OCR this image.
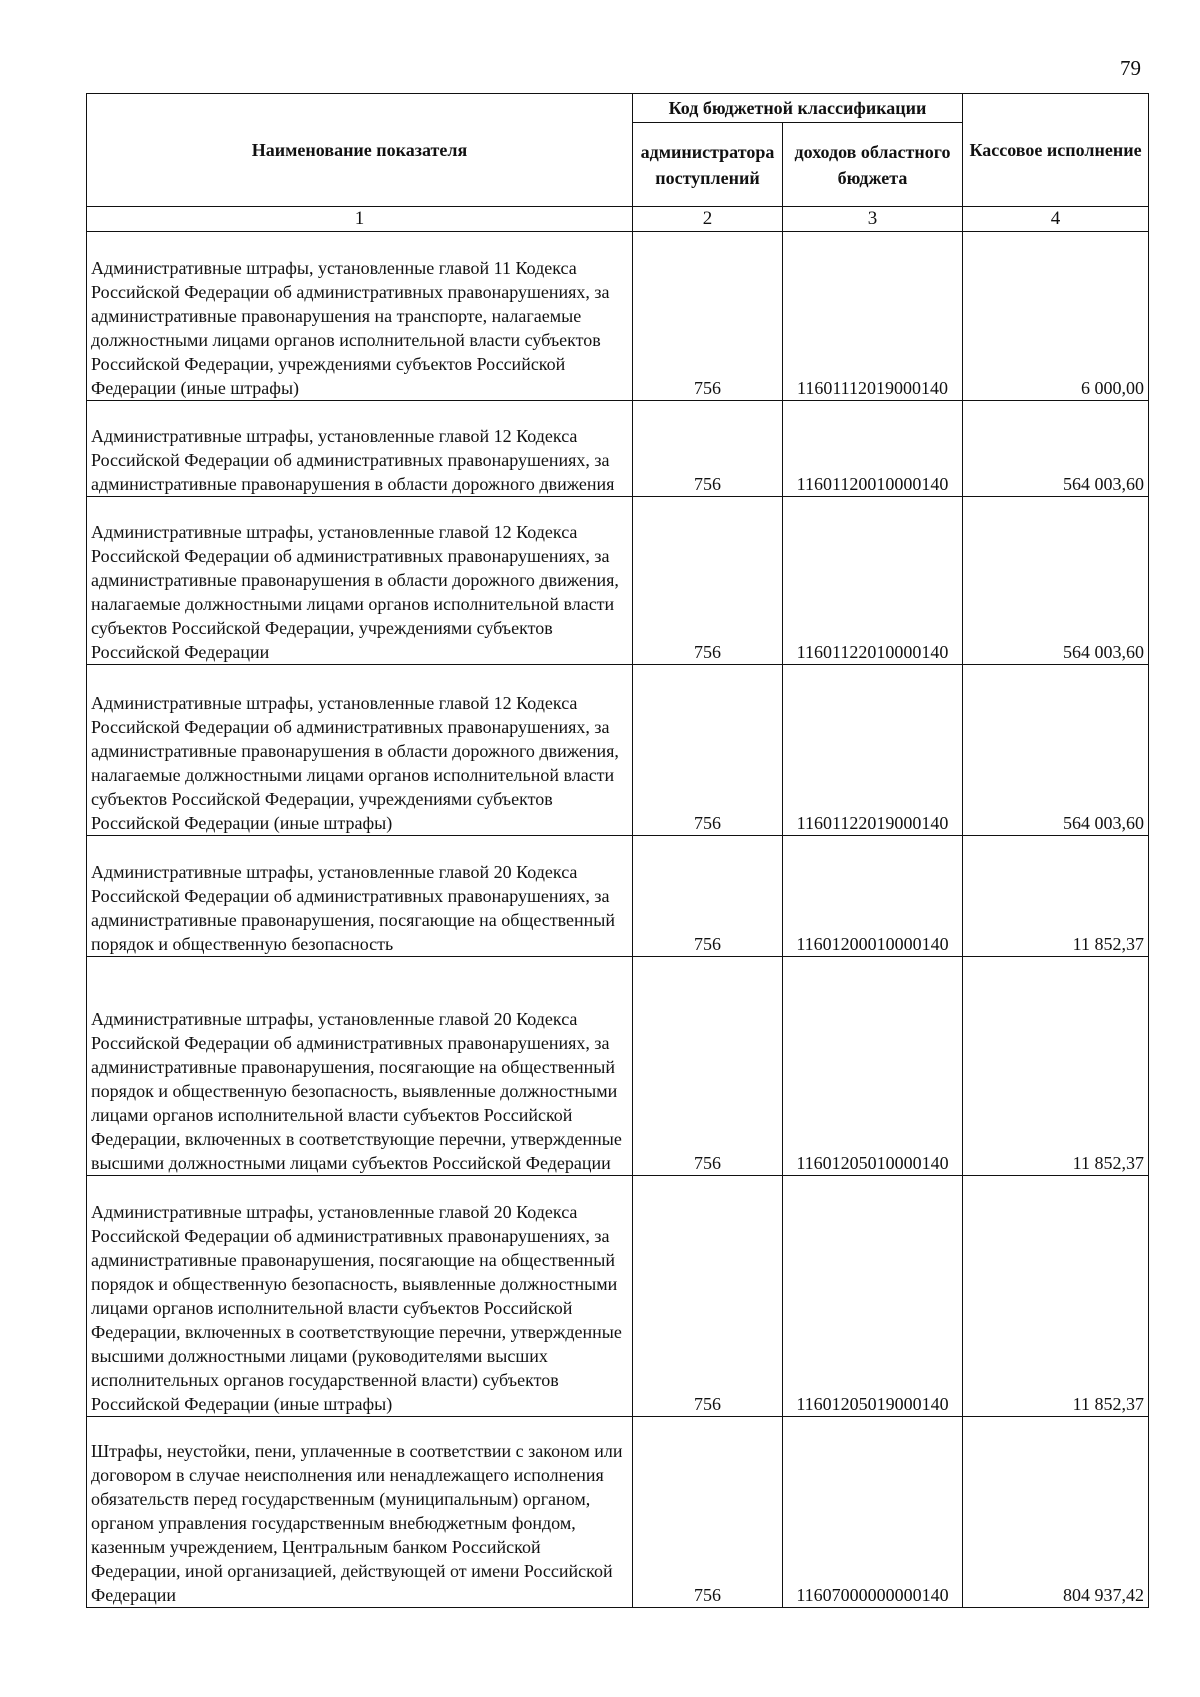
79
Наименование показателя	Код бюджетной классификации		Кассовое исполнение
	администратора поступлений	доходов областного бюджета	
1	2	3	4
Административные штрафы, установленные главой 11 Кодекса Российской Федерации об административных правонарушениях, за административные правонарушения на транспорте, налагаемые должностными лицами органов исполнительной власти субъектов Российской Федерации, учреждениями субъектов Российской Федерации (иные штрафы)	756	11601112019000140	6 000,00
Административные штрафы, установленные главой 12 Кодекса Российской Федерации об административных правонарушениях, за административные правонарушения в области дорожного движения	756	11601120010000140	564 003,60
Административные штрафы, установленные главой 12 Кодекса Российской Федерации об административных правонарушениях, за административные правонарушения в области дорожного движения, налагаемые должностными лицами органов исполнительной власти субъектов Российской Федерации, учреждениями субъектов Российской Федерации	756	11601122010000140	564 003,60
Административные штрафы, установленные главой 12 Кодекса Российской Федерации об административных правонарушениях, за административные правонарушения в области дорожного движения, налагаемые должностными лицами органов исполнительной власти субъектов Российской Федерации, учреждениями субъектов Российской Федерации (иные штрафы)	756	11601122019000140	564 003,60
Административные штрафы, установленные главой 20 Кодекса Российской Федерации об административных правонарушениях, за административные правонарушения, посягающие на общественный порядок и общественную безопасность	756	11601200010000140	11 852,37
Административные штрафы, установленные главой 20 Кодекса Российской Федерации об административных правонарушениях, за административные правонарушения, посягающие на общественный порядок и общественную безопасность, выявленные должностными лицами органов исполнительной власти субъектов Российской Федерации, включенных в соответствующие перечни, утвержденные высшими должностными лицами субъектов Российской Федерации	756	11601205010000140	11 852,37
Административные штрафы, установленные главой 20 Кодекса Российской Федерации об административных правонарушениях, за административные правонарушения, посягающие на общественный порядок и общественную безопасность, выявленные должностными лицами органов исполнительной власти субъектов Российской Федерации, включенных в соответствующие перечни, утвержденные высшими должностными лицами (руководителями высших исполнительных органов государственной власти) субъектов Российской Федерации (иные штрафы)	756	11601205019000140	11 852,37
Штрафы, неустойки, пени, уплаченные в соответствии с законом или договором в случае неисполнения или ненадлежащего исполнения обязательств перед государственным (муниципальным) органом, органом управления государственным внебюджетным фондом, казенным учреждением, Центральным банком Российской Федерации, иной организацией, действующей от имени Российской Федерации	756	11607000000000140	804 937,42
